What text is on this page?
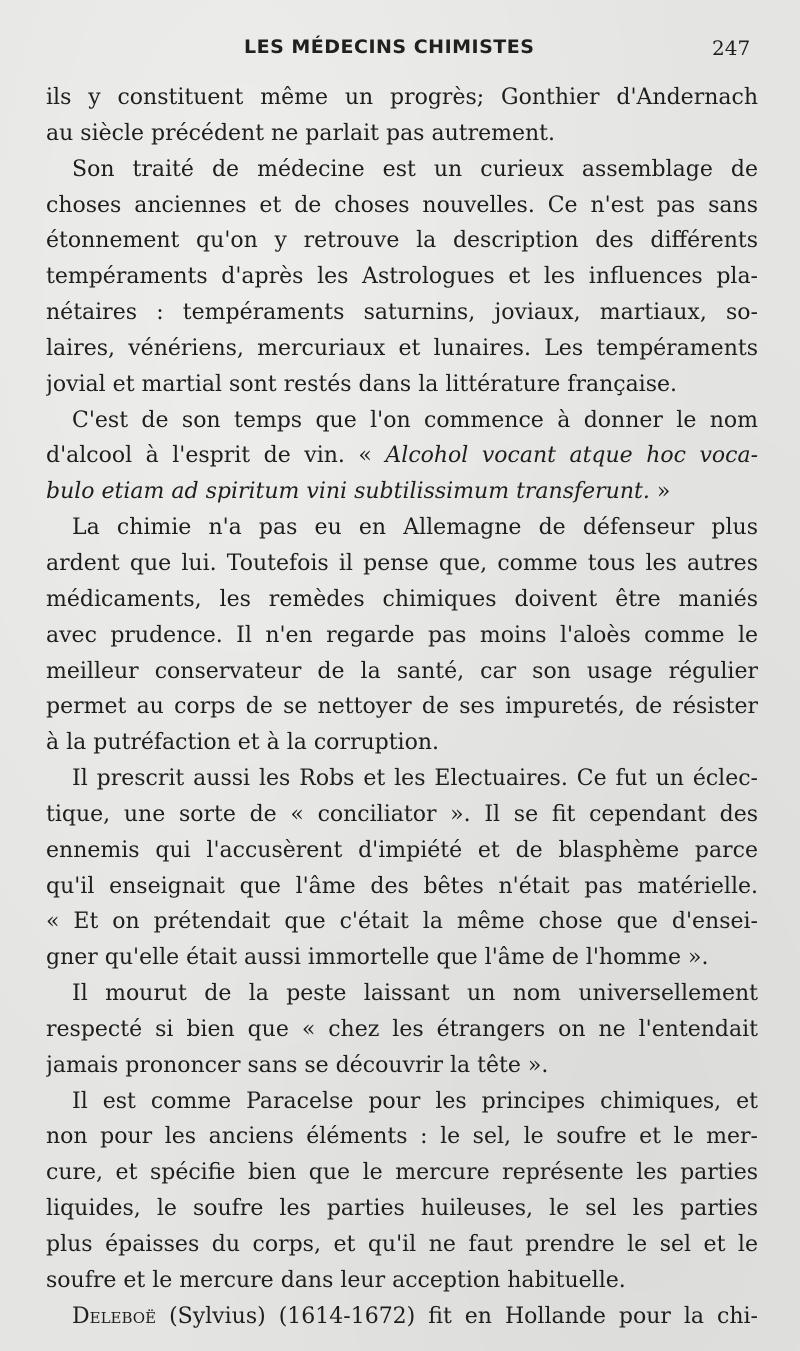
LES MÉDECINS CHIMISTES	247
ils y constituent même un progrès; Gonthier d'Andernach
au siècle précédent ne parlait pas autrement.
Son traité de médecine est un curieux assemblage de
choses anciennes et de choses nouvelles. Ce n'est pas sans
étonnement qu'on y retrouve la description des différents
tempéraments d'après les Astrologues et les influences pla-
nétaires : tempéraments saturnins, joviaux, martiaux, so-
laires, vénériens, mercuriaux et lunaires. Les tempéraments
jovial et martial sont restés dans la littérature française.
C'est de son temps que l'on commence à donner le nom
d'alcool à l'esprit de vin. « Alcohol vocant atque hoc voca-
bulo etiam ad spiritum vini subtilissimum transferunt. »
La chimie n'a pas eu en Allemagne de défenseur plus
ardent que lui. Toutefois il pense que, comme tous les autres
médicaments, les remèdes chimiques doivent être maniés
avec prudence. Il n'en regarde pas moins l'aloès comme le
meilleur conservateur de la santé, car son usage régulier
permet au corps de se nettoyer de ses impuretés, de résister
à la putréfaction et à la corruption.
Il prescrit aussi les Robs et les Electuaires. Ce fut un éclec-
tique, une sorte de « conciliator ». Il se fit cependant des
ennemis qui l'accusèrent d'impiété et de blasphème parce
qu'il enseignait que l'âme des bêtes n'était pas matérielle.
« Et on prétendait que c'était la même chose que d'ensei-
gner qu'elle était aussi immortelle que l'âme de l'homme ».
Il mourut de la peste laissant un nom universellement
respecté si bien que « chez les étrangers on ne l'entendait
jamais prononcer sans se découvrir la tête ».
Il est comme Paracelse pour les principes chimiques, et
non pour les anciens éléments : le sel, le soufre et le mer-
cure, et spécifie bien que le mercure représente les parties
liquides, le soufre les parties huileuses, le sel les parties
plus épaisses du corps, et qu'il ne faut prendre le sel et le
soufre et le mercure dans leur acception habituelle.
Deleboë (Sylvius) (1614-1672) fit en Hollande pour la chi-
